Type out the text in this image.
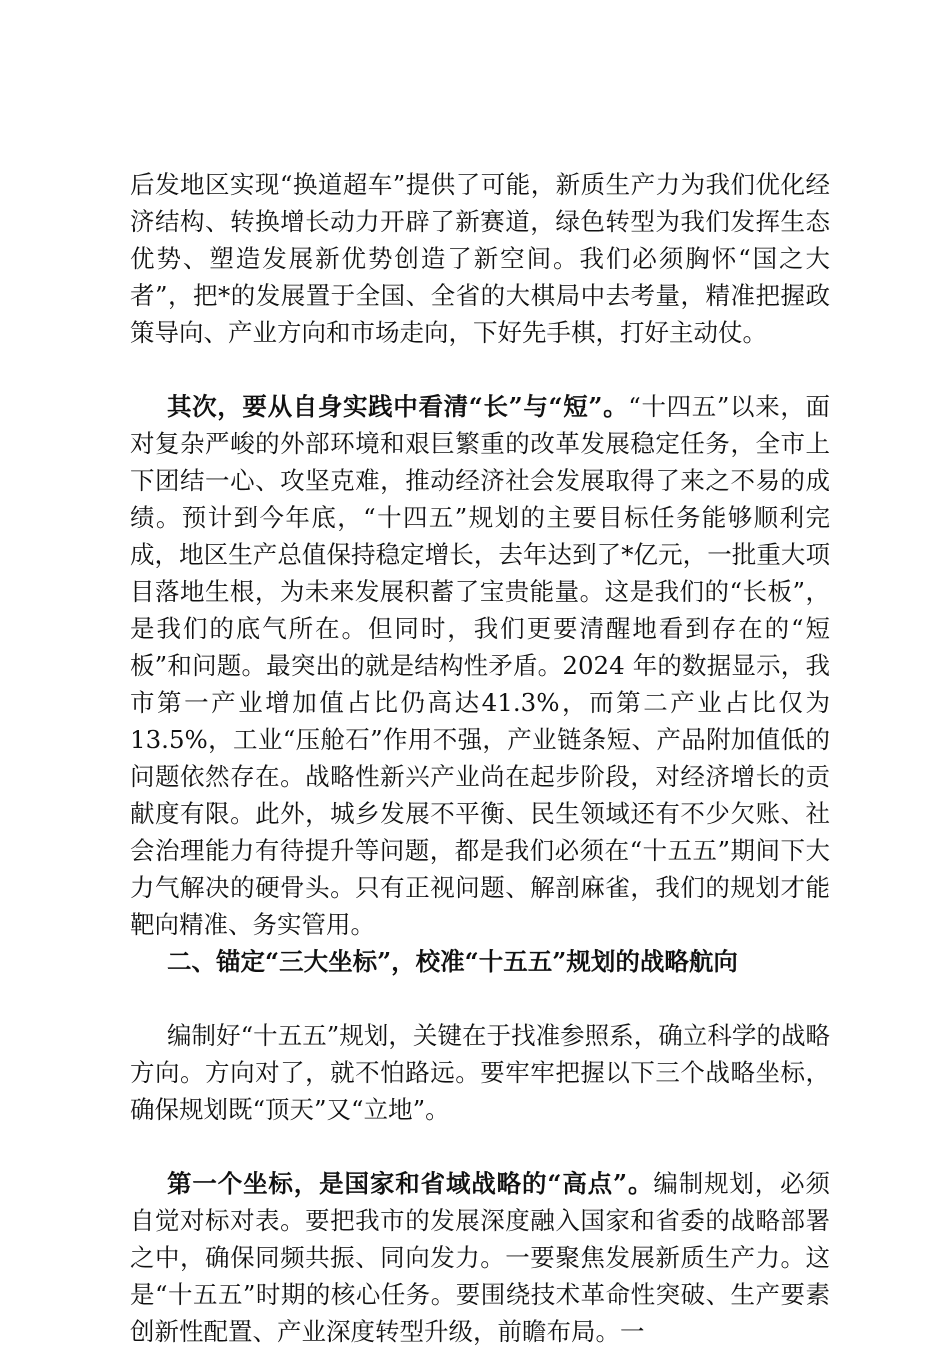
后发地区实现“换道超车”提供了可能，新质生产力为我们优化经济结构、转换增长动力开辟了新赛道，绿色转型为我们发挥生态优势、塑造发展新优势创造了新空间。我们必须胸怀“国之大者”，把*的发展置于全国、全省的大棋局中去考量，精准把握政策导向、产业方向和市场走向，下好先手棋，打好主动仗。

其次，要从自身实践中看清“长”与“短”。“十四五”以来，面对复杂严峻的外部环境和艰巨繁重的改革发展稳定任务，全市上下团结一心、攻坚克难，推动经济社会发展取得了来之不易的成绩。预计到今年底，“十四五”规划的主要目标任务能够顺利完成，地区生产总值保持稳定增长，去年达到了*亿元，一批重大项目落地生根，为未来发展积蓄了宝贵能量。这是我们的“长板”，是我们的底气所在。但同时，我们更要清醒地看到存在的“短板”和问题。最突出的就是结构性矛盾。2024 年的数据显示，我市第一产业增加值占比仍高达41.3%，而第二产业占比仅为 13.5%，工业“压舱石”作用不强，产业链条短、产品附加值低的问题依然存在。战略性新兴产业尚在起步阶段，对经济增长的贡献度有限。此外，城乡发展不平衡、民生领域还有不少欠账、社会治理能力有待提升等问题，都是我们必须在“十五五”期间下大力气解决的硬骨头。只有正视问题、解剖麻雀，我们的规划才能靶向精准、务实管用。

二、锚定“三大坐标”，校准“十五五”规划的战略航向

编制好“十五五”规划，关键在于找准参照系，确立科学的战略方向。方向对了，就不怕路远。要牢牢把握以下三个战略坐标，确保规划既“顶天”又“立地”。

第一个坐标，是国家和省域战略的“高点”。编制规划，必须自觉对标对表。要把我市的发展深度融入国家和省委的战略部署之中，确保同频共振、同向发力。一要聚焦发展新质生产力。这是“十五五”时期的核心任务。要围绕技术革命性突破、生产要素创新性配置、产业深度转型升级，前瞻布局。一
